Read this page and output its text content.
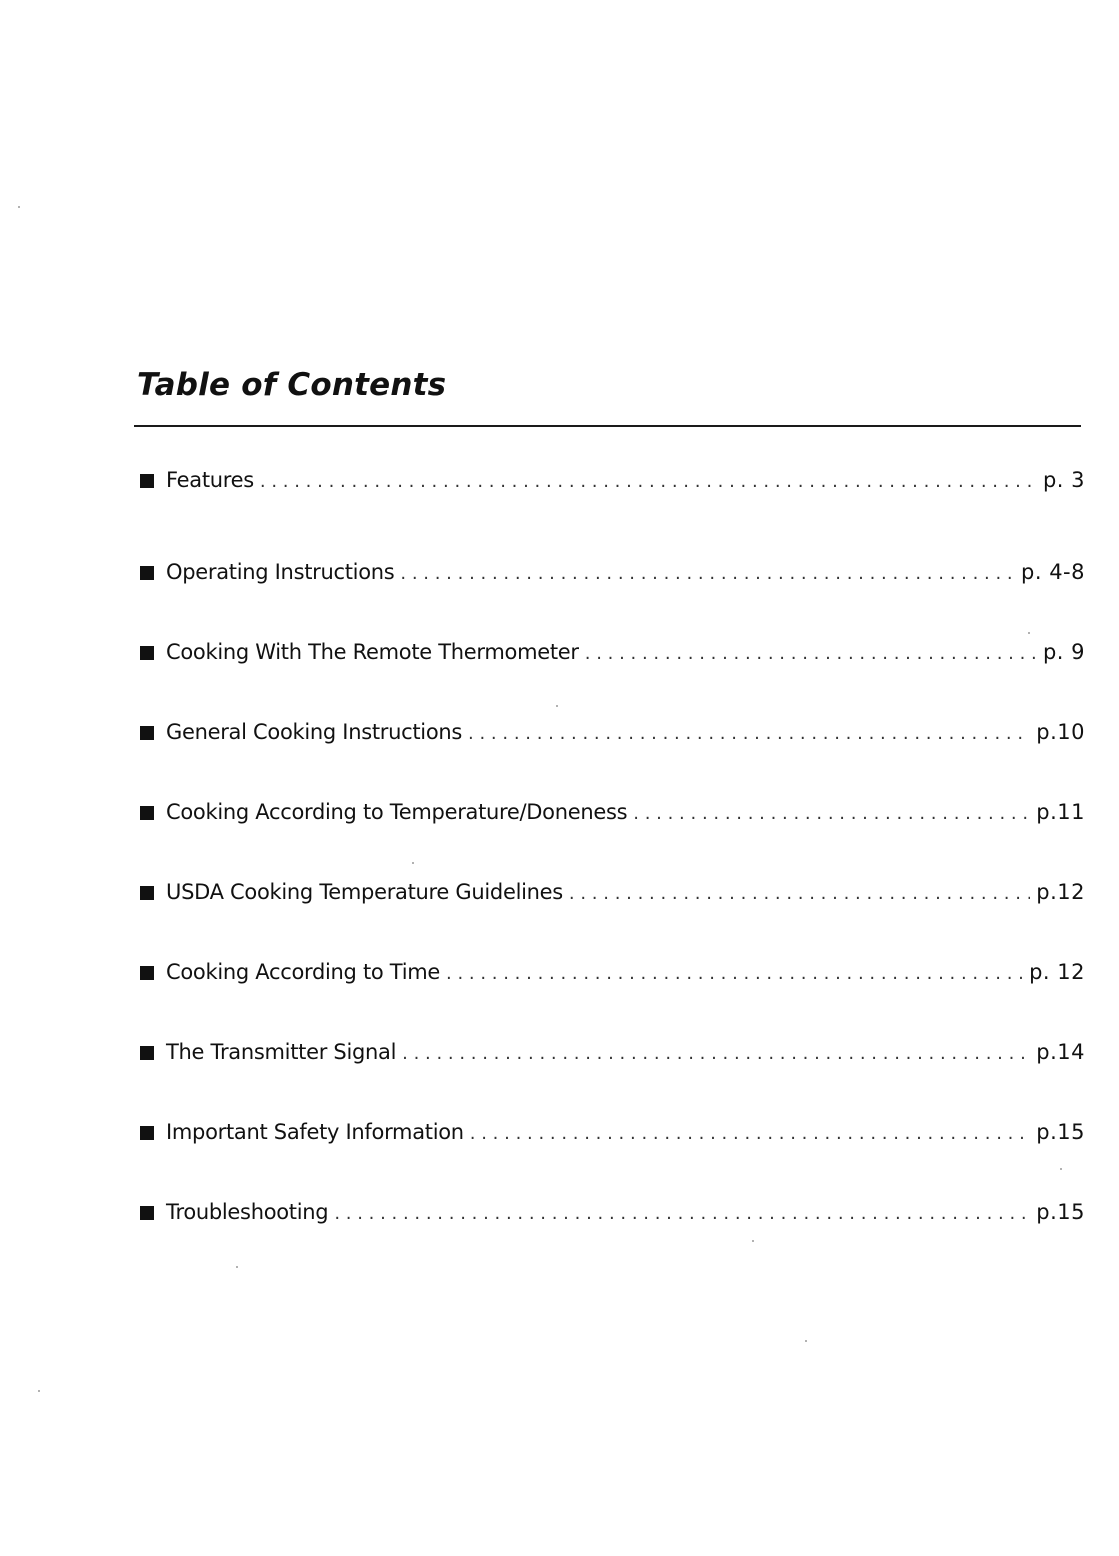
Table of Contents
Features . . .	p. 3
Operating Instructions . . .	p. 4-8
Cooking With The Remote Thermometer . . .	p. 9
General Cooking Instructions . . .	p.10
Cooking According to Temperature/Doneness . . .	p.11
USDA Cooking Temperature Guidelines . . .	p.12
Cooking According to Time . . .	p. 12
The Transmitter Signal . . .	p.14
Important Safety Information . . .	p.15
Troubleshooting . . .	p.15
